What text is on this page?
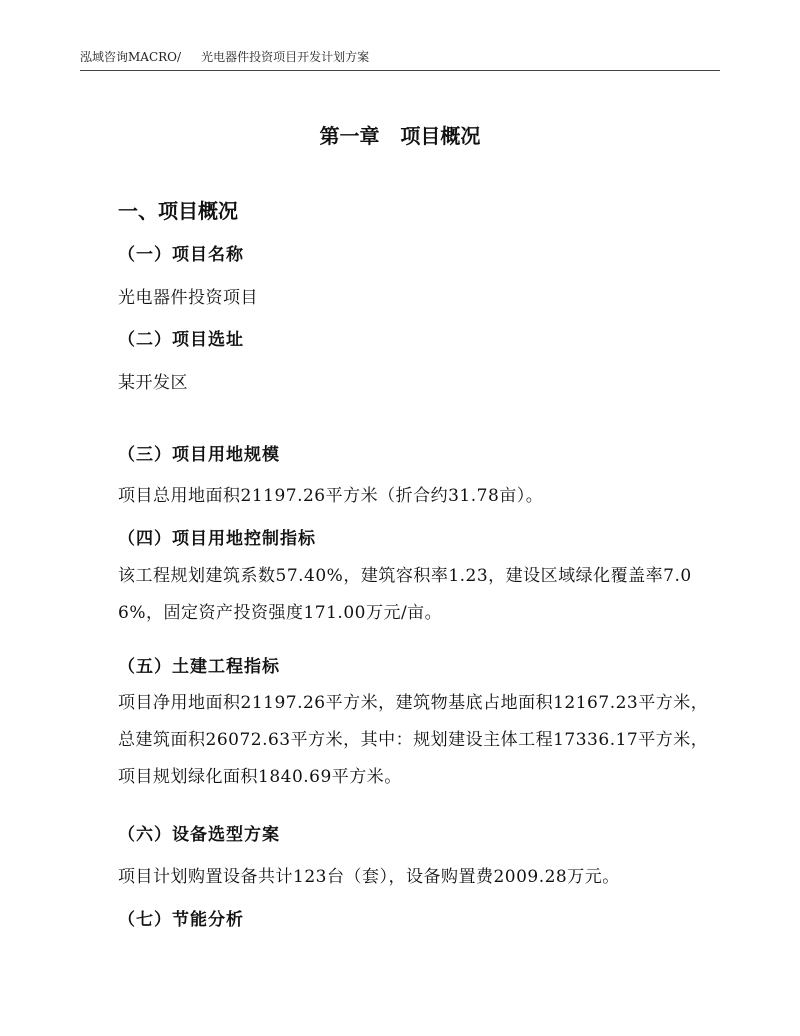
泓域咨询MACRO/ 光电器件投资项目开发计划方案
第一章   项目概况
一、项目概况
（一）项目名称
光电器件投资项目
（二）项目选址
某开发区
（三）项目用地规模
项目总用地面积21197.26平方米（折合约31.78亩）。
（四）项目用地控制指标
该工程规划建筑系数57.40%，建筑容积率1.23，建设区域绿化覆盖率7.06%，固定资产投资强度171.00万元/亩。
（五）土建工程指标
项目净用地面积21197.26平方米，建筑物基底占地面积12167.23平方米，总建筑面积26072.63平方米，其中：规划建设主体工程17336.17平方米，项目规划绿化面积1840.69平方米。
（六）设备选型方案
项目计划购置设备共计123台（套），设备购置费2009.28万元。
（七）节能分析
